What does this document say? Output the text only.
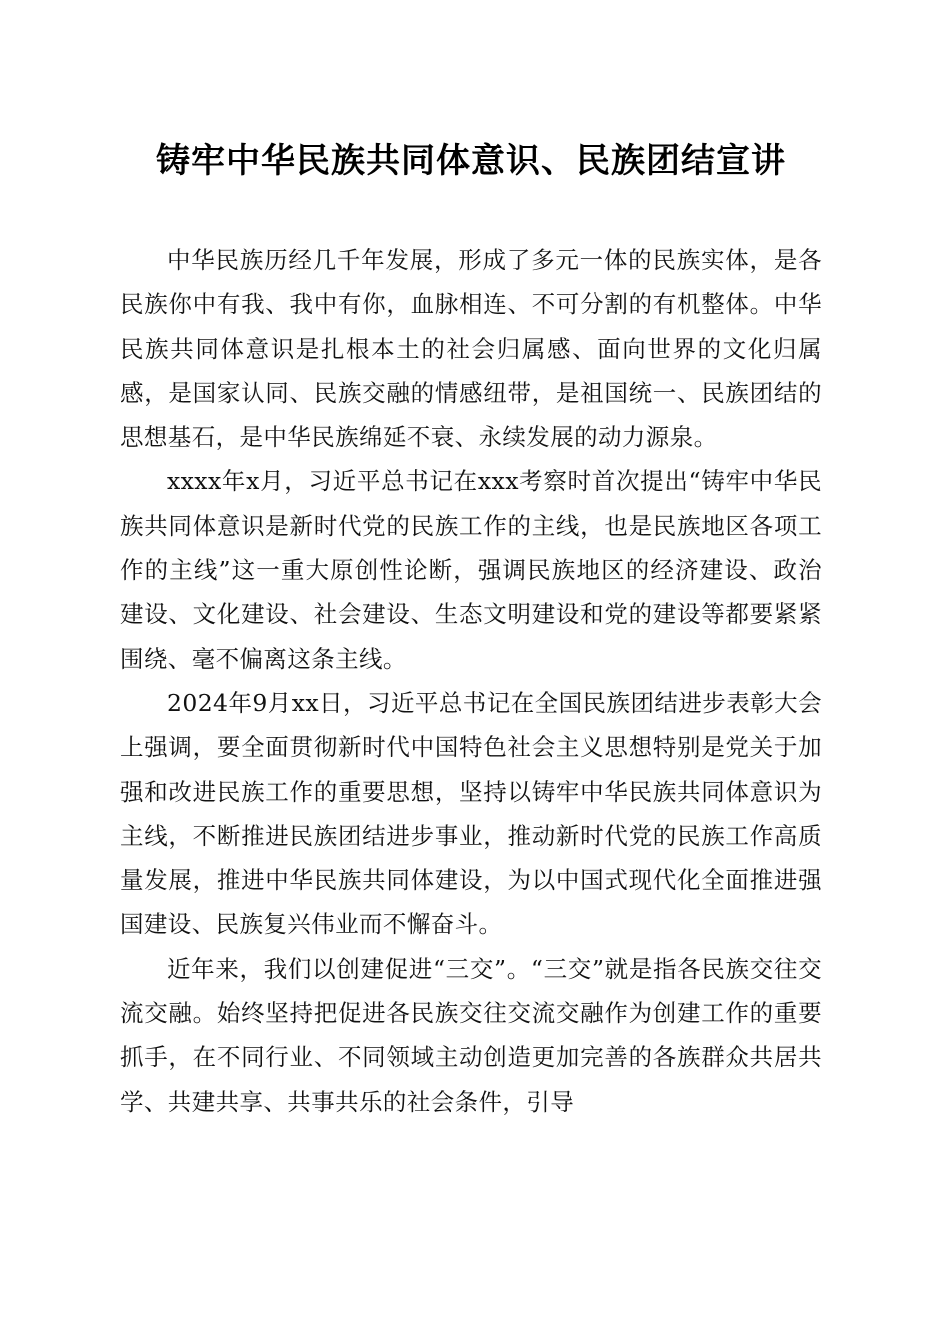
铸牢中华民族共同体意识、民族团结宣讲

中华民族历经几千年发展，形成了多元一体的民族实体，是各民族你中有我、我中有你，血脉相连、不可分割的有机整体。中华民族共同体意识是扎根本土的社会归属感、面向世界的文化归属感，是国家认同、民族交融的情感纽带，是祖国统一、民族团结的思想基石，是中华民族绵延不衰、永续发展的动力源泉。

xxxx年x月，习近平总书记在xxx考察时首次提出“铸牢中华民族共同体意识是新时代党的民族工作的主线，也是民族地区各项工作的主线”这一重大原创性论断，强调民族地区的经济建设、政治建设、文化建设、社会建设、生态文明建设和党的建设等都要紧紧围绕、毫不偏离这条主线。

2024年9月xx日，习近平总书记在全国民族团结进步表彰大会上强调，要全面贯彻新时代中国特色社会主义思想特别是党关于加强和改进民族工作的重要思想，坚持以铸牢中华民族共同体意识为主线，不断推进民族团结进步事业，推动新时代党的民族工作高质量发展，推进中华民族共同体建设，为以中国式现代化全面推进强国建设、民族复兴伟业而不懈奋斗。

近年来，我们以创建促进“三交”。“三交”就是指各民族交往交流交融。始终坚持把促进各民族交往交流交融作为创建工作的重要抓手，在不同行业、不同领域主动创造更加完善的各族群众共居共学、共建共享、共事共乐的社会条件，引导
